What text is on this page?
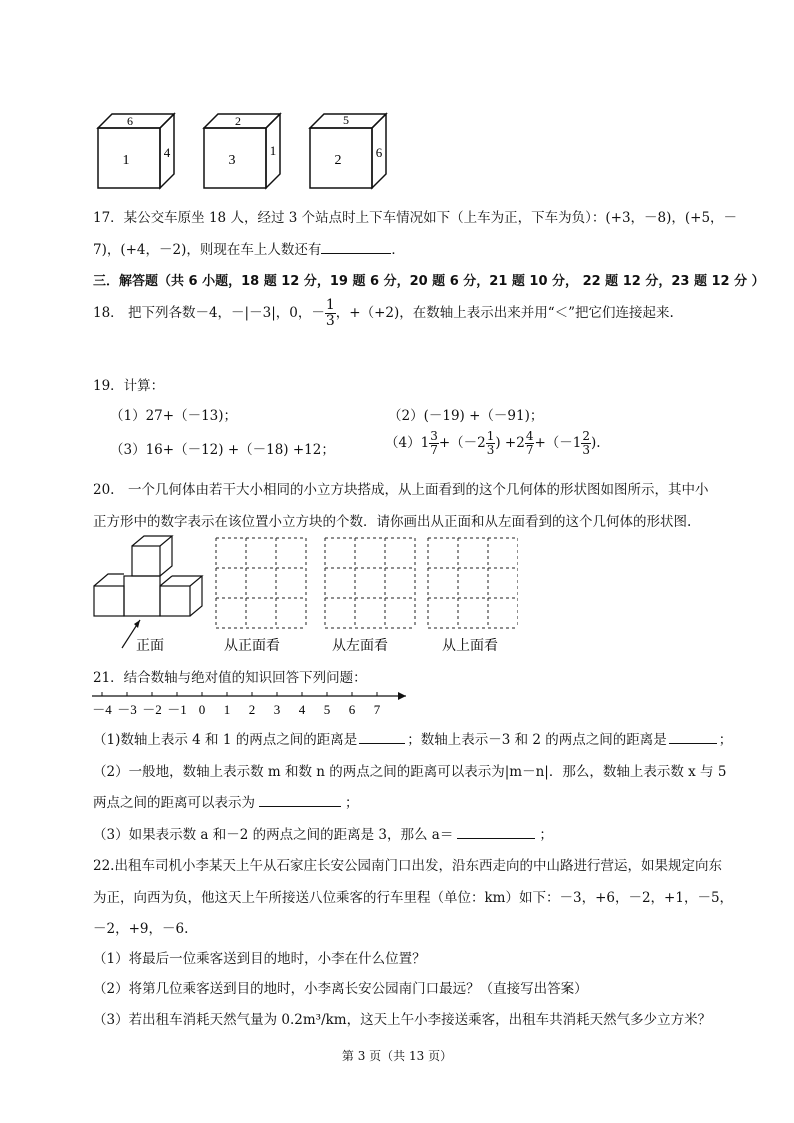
6
1
4
2
3
1
5
2
6
17．某公交车原坐 18 人，经过 3 个站点时上下车情况如下（上车为正，下车为负）：(+3，－8)，(+5，－
7)，(+4，－2)，则现在车上人数还有	．
三．解答题（共 6 小题，18 题 12 分，19 题 6 分，20 题 6 分，21 题 10 分， 22 题 12 分，23 题 12 分 ）
18． 把下列各数－4，－|－3|，0，－ $\frac{1}{3}$ ，+（+2)，在数轴上表示出来并用“＜”把它们连接起来.
19．计算：
（1）27+（－13)；	（2）(－19) +（－91)；
（3）16+（－12) +（－18) +12；	$(4)1 \frac{3}{7} +(-2 \frac{1}{3}$ ) $+2 \frac{4}{7} +(-1 \frac{2}{3}$ ).
20.　一个几何体由若干大小相同的小立方块搭成，从上面看到的这个几何体的形状图如图所示，其中小
正方形中的数字表示在该位置小立方块的个数．请你画出从正面和从左面看到的这个几何体的形状图.
正面	从正面看	从左面看	从上面看
21．结合数轴与绝对值的知识回答下列问题：
－4 －3 －2 －1 0 1 2 3 4 5 6 7
（1)数轴上表示 4 和 1 的两点之间的距离是	；数轴上表示－3 和 2 的两点之间的距离是	；
（2）一般地，数轴上表示数 m 和数 n 的两点之间的距离可以表示为|m－n|．那么，数轴上表示数 x 与 5
两点之间的距离可以表示为	；
（3）如果表示数 a 和－2 的两点之间的距离是 3，那么 a＝	；
22.出租车司机小李某天上午从石家庄长安公园南门口出发，沿东西走向的中山路进行营运，如果规定向东
为正，向西为负，他这天上午所接送八位乘客的行车里程（单位：km）如下：－3，+6，－2，+1，－5，
－2，+9，－6.
（1）将最后一位乘客送到目的地时，小李在什么位置？
（2）将第几位乘客送到目的地时，小李离长安公园南门口最远？（直接写出答案）
（3）若出租车消耗天然气量为 0.2m³/km，这天上午小李接送乘客，出租车共消耗天然气多少立方米？
第 3 页（共 13 页）
